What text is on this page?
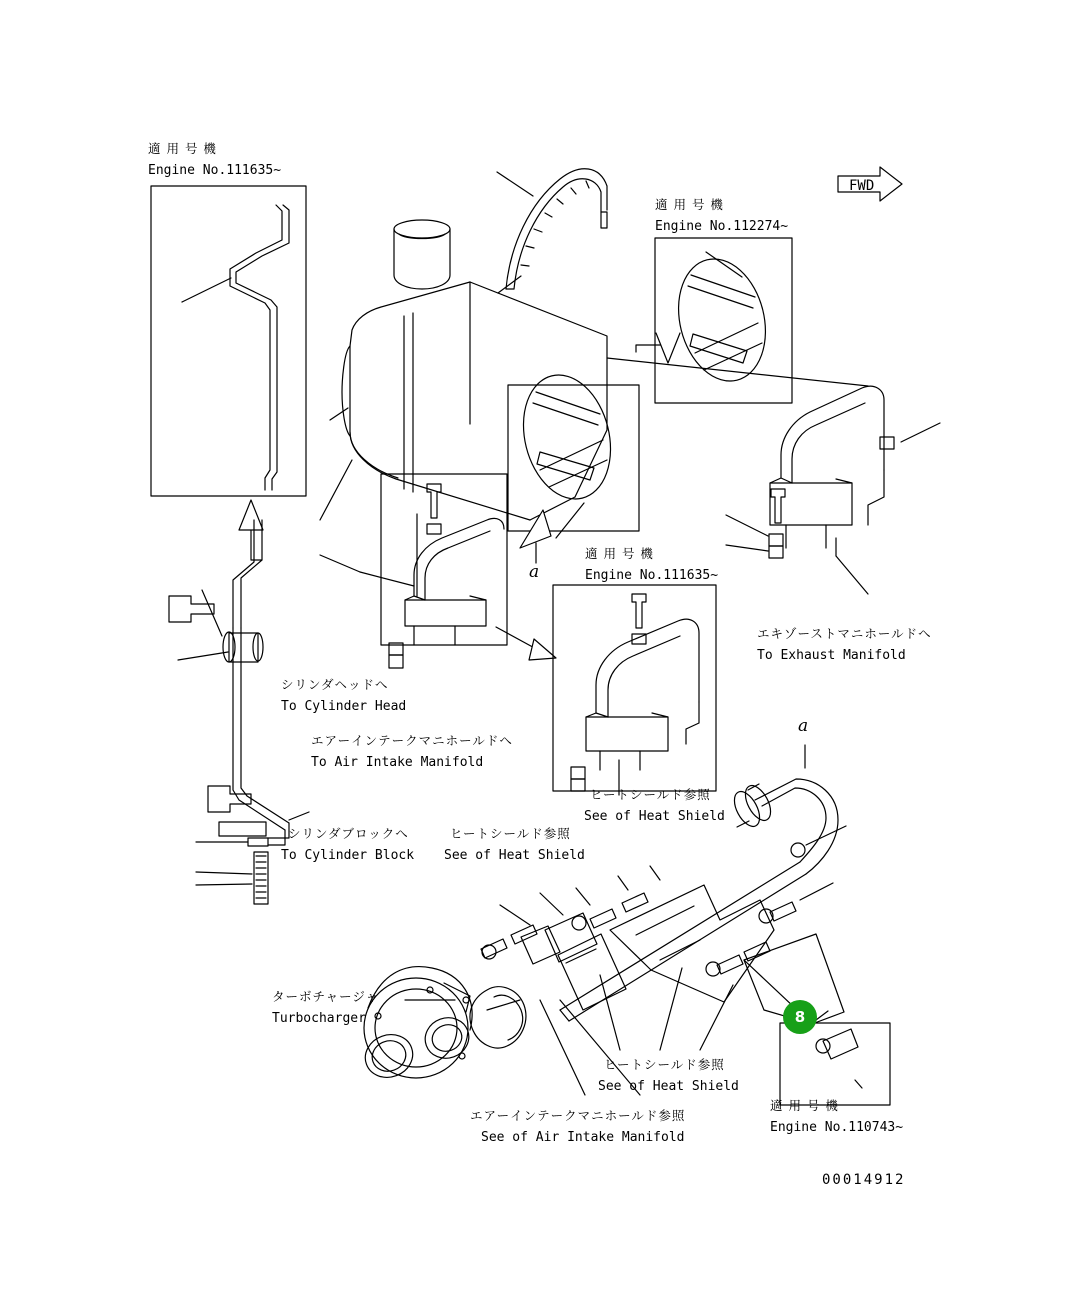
適 用 号 機
Engine No.111635~
適 用 号 機
Engine No.112274~
適 用 号 機
Engine No.111635~
適 用 号 機
Engine No.110743~
シリンダヘッドへ
To Cylinder Head
エアーインテークマニホールドへ
To Air Intake Manifold
シリンダブロックへ
To Cylinder Block
ヒートシールド参照
See of Heat Shield
エキゾーストマニホールドへ
To Exhaust Manifold
ヒートシールド参照
See of Heat Shield
ターボチャージャ
Turbocharger
ヒートシールド参照
See of Heat Shield
エアーインテークマニホールド参照
See of Air Intake Manifold
FWD
a
a
8
00014912
